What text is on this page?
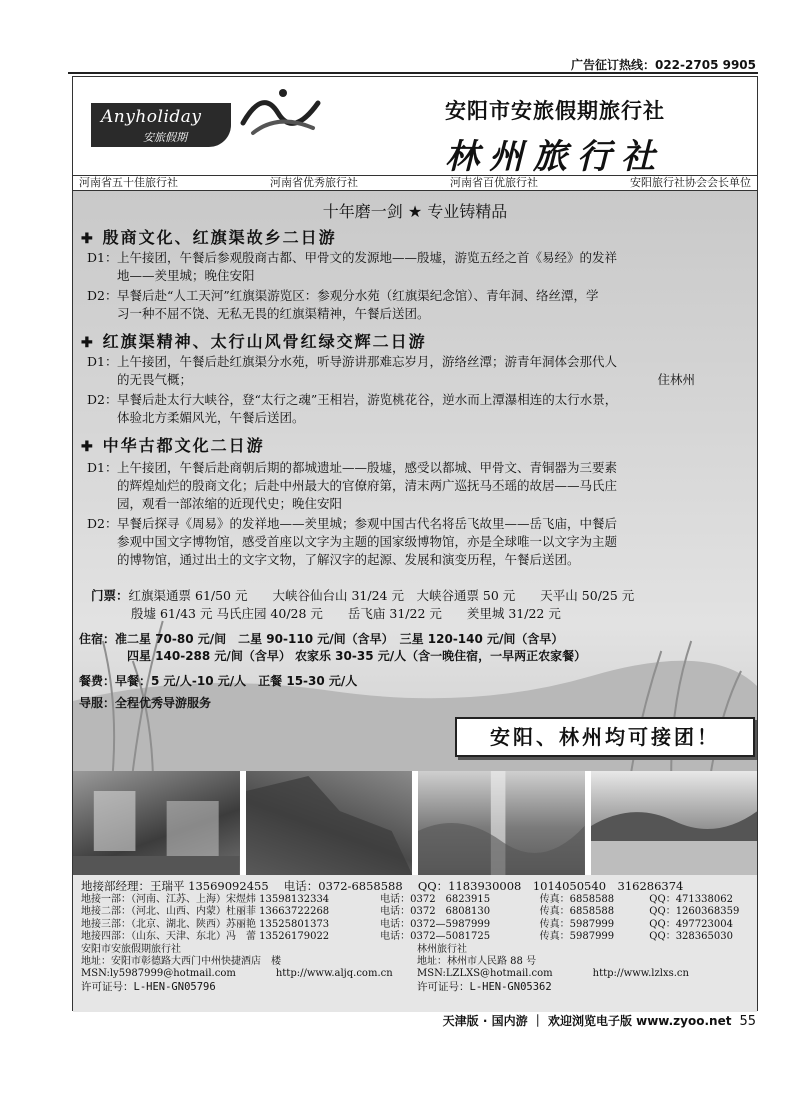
广告征订热线：022-2705 9905
Anyholiday
安旅假期
安阳市安旅假期旅行社
林州旅行社
河南省五十佳旅行社	河南省优秀旅行社	河南省百优旅行社	安阳旅行社协会会长单位
十年磨一剑 ★ 专业铸精品
✚ 殷商文化、红旗渠故乡二日游
D1：上午接团，午餐后参观殷商古都、甲骨文的发源地——殷墟，游览五经之首《易经》的发祥
地——羑里城；晚住安阳
D2：早餐后赴“人工天河”红旗渠游览区：参观分水苑（红旗渠纪念馆）、青年洞、络丝潭，学
习一种不屈不饶、无私无畏的红旗渠精神，午餐后送团。
✚ 红旗渠精神、太行山风骨红绿交辉二日游
D1：上午接团，午餐后赴红旗渠分水苑，听导游讲那难忘岁月，游络丝潭；游青年洞体会那代人
的无畏气概；	住林州
D2：早餐后赴太行大峡谷，登“太行之魂”王相岩，游览桃花谷，逆水而上潭瀑相连的太行水景，
体验北方柔媚风光，午餐后送团。
✚ 中华古都文化二日游
D1：上午接团，午餐后赴商朝后期的都城遗址——殷墟，感受以都城、甲骨文、青铜器为三要素
的辉煌灿烂的殷商文化；后赴中州最大的官僚府第，清末两广巡抚马丕瑶的故居——马氏庄
园，观看一部浓缩的近现代史；晚住安阳
D2：早餐后探寻《周易》的发祥地——羑里城；参观中国古代名将岳飞故里——岳飞庙，中餐后
参观中国文字博物馆，感受首座以文字为主题的国家级博物馆，亦是全球唯一以文字为主题
的博物馆，通过出土的文字文物，了解汉字的起源、发展和演变历程，午餐后送团。
门票：红旗渠通票 61/50 元　　大峡谷仙台山 31/24 元　大峡谷通票 50 元　　天平山 50/25 元
殷墟 61/43 元 马氏庄园 40/28 元　　岳飞庙 31/22 元　　羑里城 31/22 元
住宿：准二星 70-80 元/间　二星 90-110 元/间（含早）　三星 120-140 元/间（含早）
四星 140-288 元/间（含早） 农家乐 30-35 元/人（含一晚住宿，一早两正农家餐）
餐费：早餐：5 元/人-10 元/人　正餐 15-30 元/人
导服：全程优秀导游服务
安阳、林州均可接团！
地接部经理：王瑞平 13569092455　 电话：0372-6858588　 QQ：1183930008　1014050540　316286374
地接一部：（河南、江苏、上海）宋煜炜 13598132334	电话：0372　6823915	传真：6858588	QQ：471338062
地接二部：（河北、山西、内蒙）杜丽菲 13663722268	电话：0372　6808130	传真：6858588	QQ：1260368359
地接三部：（北京、湖北、陕西）苏丽艳 13525801373	电话：0372—5987999	传真：5987999	QQ：497723004
地接四部：（山东、天津、东北）冯　蕾 13526179022	电话：0372—5081725	传真：5987999	QQ：328365030
安阳市安旅假期旅行社	林州旅行社
地址：安阳市彰德路大西门中州快捷酒店　楼	地址：林州市人民路 88 号
MSN:ly5987999@hotmail.com　　　　http://www.aljq.com.cn	MSN:LZLXS@hotmail.com　　　　http://www.lzlxs.cn
许可证号：L-HEN-GN05796	许可证号：L-HEN-GN05362
天津版 · 国内游 ｜ 欢迎浏览电子版 www.zyoo.net 55
